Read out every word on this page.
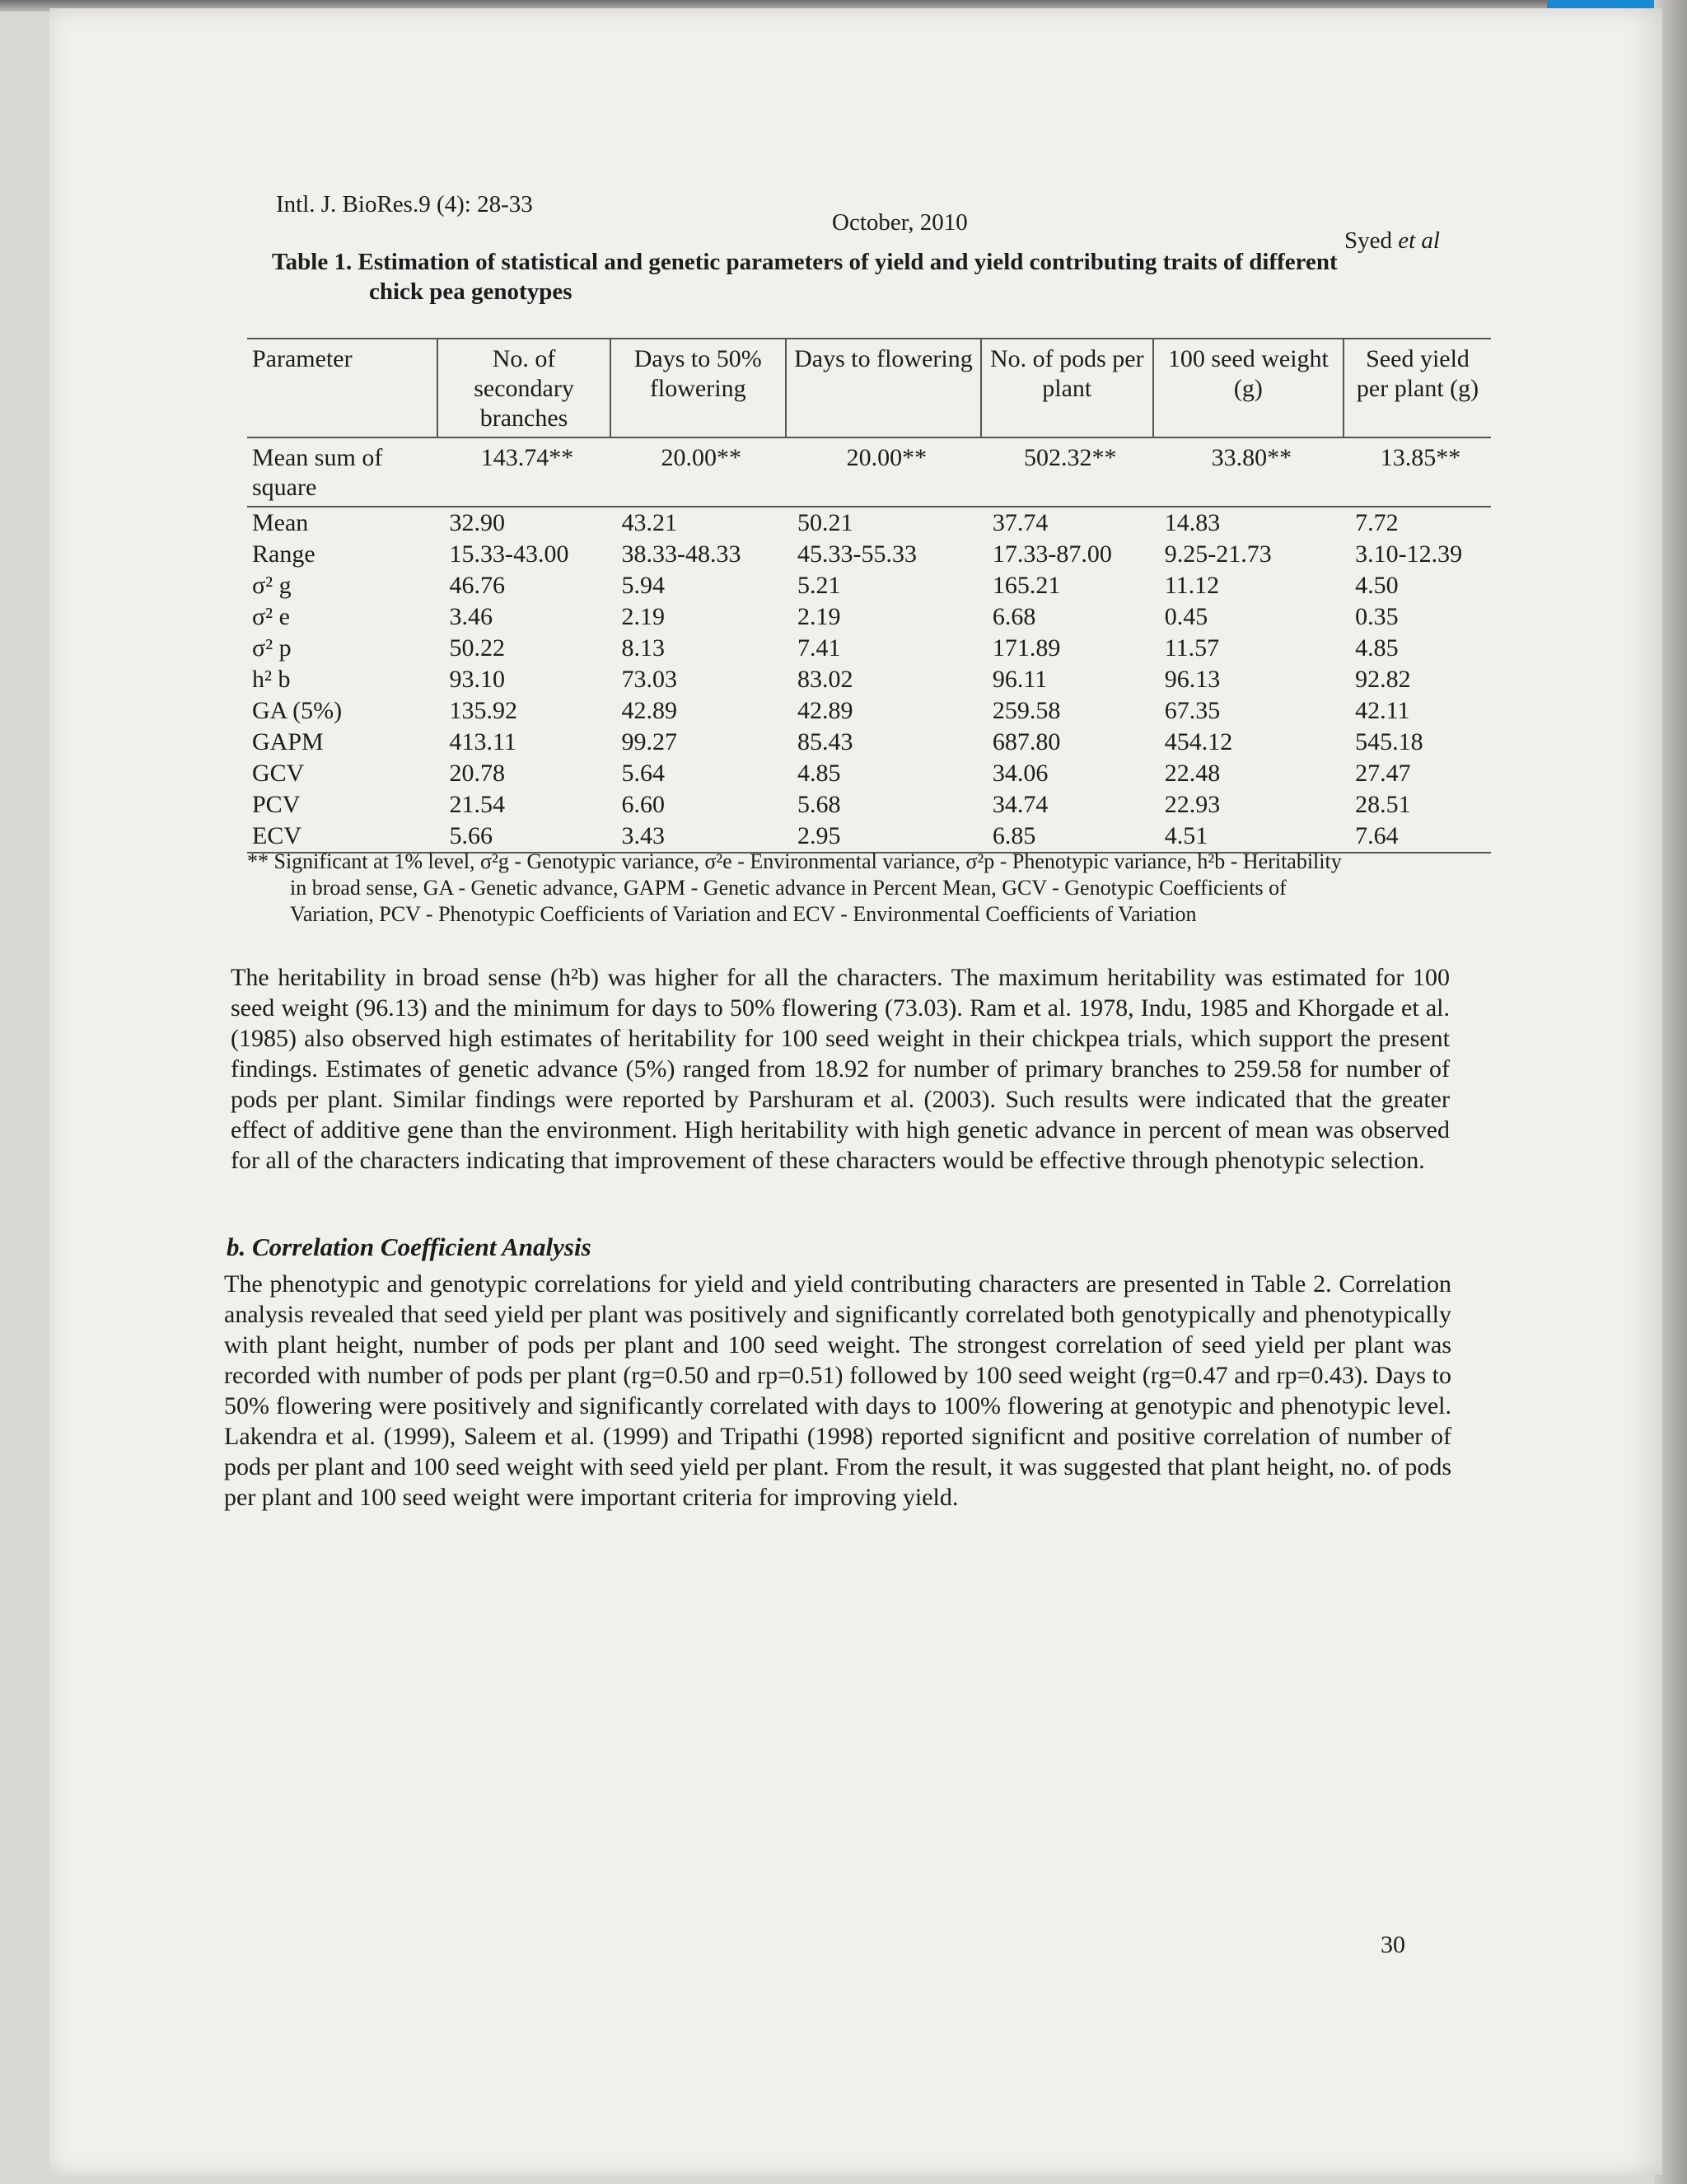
Intl. J. BioRes.9 (4): 28-33
October, 2010
Syed et al
Table 1. Estimation of statistical and genetic parameters of yield and yield contributing traits of different
chick pea genotypes
Parameter	No. of secondary branches	Days to 50% flowering	Days to flowering	No. of pods per plant	100 seed weight (g)	Seed yield per plant (g)
Mean sum of square	143.74**	20.00**	20.00**	502.32**	33.80**	13.85**
Mean	32.90	43.21	50.21	37.74	14.83	7.72
Range	15.33-43.00	38.33-48.33	45.33-55.33	17.33-87.00	9.25-21.73	3.10-12.39
σ² g	46.76	5.94	5.21	165.21	11.12	4.50
σ² e	3.46	2.19	2.19	6.68	0.45	0.35
σ² p	50.22	8.13	7.41	171.89	11.57	4.85
h² b	93.10	73.03	83.02	96.11	96.13	92.82
GA (5%)	135.92	42.89	42.89	259.58	67.35	42.11
GAPM	413.11	99.27	85.43	687.80	454.12	545.18
GCV	20.78	5.64	4.85	34.06	22.48	27.47
PCV	21.54	6.60	5.68	34.74	22.93	28.51
ECV	5.66	3.43	2.95	6.85	4.51	7.64
** Significant at 1% level, σ²g - Genotypic variance, σ²e - Environmental variance, σ²p - Phenotypic variance, h²b - Heritability
in broad sense, GA - Genetic advance, GAPM - Genetic advance in Percent Mean, GCV - Genotypic Coefficients of
Variation, PCV - Phenotypic Coefficients of Variation and ECV - Environmental Coefficients of Variation
The heritability in broad sense (h²b) was higher for all the characters. The maximum heritability was estimated for 100 seed weight (96.13) and the minimum for days to 50% flowering (73.03). Ram et al. 1978, Indu, 1985 and Khorgade et al. (1985) also observed high estimates of heritability for 100 seed weight in their chickpea trials, which support the present findings. Estimates of genetic advance (5%) ranged from 18.92 for number of primary branches to 259.58 for number of pods per plant. Similar findings were reported by Parshuram et al. (2003). Such results were indicated that the greater effect of additive gene than the environment. High heritability with high genetic advance in percent of mean was observed for all of the characters indicating that improvement of these characters would be effective through phenotypic selection.
b. Correlation Coefficient Analysis
The phenotypic and genotypic correlations for yield and yield contributing characters are presented in Table 2. Correlation analysis revealed that seed yield per plant was positively and significantly correlated both genotypically and phenotypically with plant height, number of pods per plant and 100 seed weight. The strongest correlation of seed yield per plant was recorded with number of pods per plant (rg=0.50 and rp=0.51) followed by 100 seed weight (rg=0.47 and rp=0.43). Days to 50% flowering were positively and significantly correlated with days to 100% flowering at genotypic and phenotypic level. Lakendra et al. (1999), Saleem et al. (1999) and Tripathi (1998) reported significnt and positive correlation of number of pods per plant and 100 seed weight with seed yield per plant. From the result, it was suggested that plant height, no. of pods per plant and 100 seed weight were important criteria for improving yield.
30
